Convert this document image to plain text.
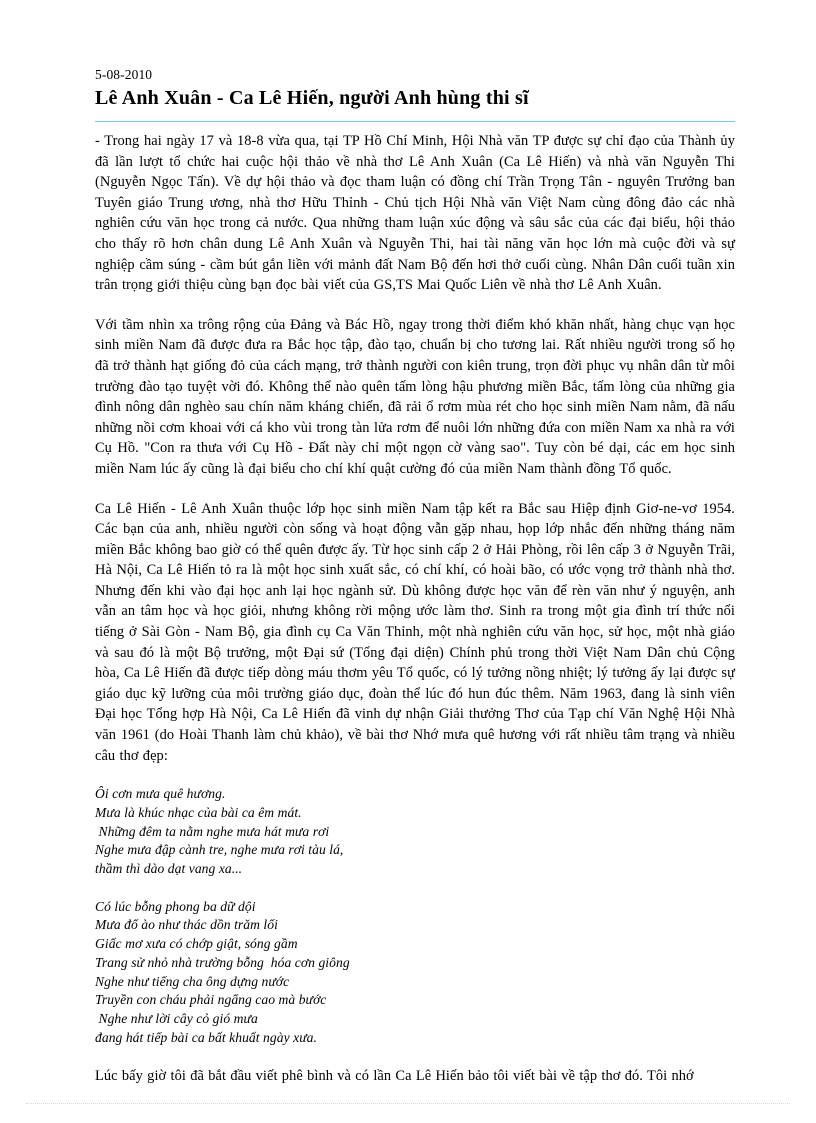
5-08-2010
Lê Anh Xuân - Ca Lê Hiến, người Anh hùng thi sĩ

- Trong hai ngày 17 và 18-8 vừa qua, tại TP Hồ Chí Minh, Hội Nhà văn TP được sự chỉ đạo của Thành ủy đã lần lượt tổ chức hai cuộc hội thảo về nhà thơ Lê Anh Xuân (Ca Lê Hiến) và nhà văn Nguyễn Thi (Nguyễn Ngọc Tấn). Về dự hội thảo và đọc tham luận có đồng chí Trần Trọng Tân - nguyên Trưởng ban Tuyên giáo Trung ương, nhà thơ Hữu Thỉnh - Chủ tịch Hội Nhà văn Việt Nam cùng đông đảo các nhà nghiên cứu văn học trong cả nước. Qua những tham luận xúc động và sâu sắc của các đại biểu, hội thảo cho thấy rõ hơn chân dung Lê Anh Xuân và Nguyễn Thi, hai tài năng văn học lớn mà cuộc đời và sự nghiệp cầm súng - cầm bút gắn liền với mảnh đất Nam Bộ đến hơi thở cuối cùng. Nhân Dân cuối tuần xin trân trọng giới thiệu cùng bạn đọc bài viết của GS,TS Mai Quốc Liên về nhà thơ Lê Anh Xuân.

Với tầm nhìn xa trông rộng của Đảng và Bác Hồ, ngay trong thời điểm khó khăn nhất, hàng chục vạn học sinh miền Nam đã được đưa ra Bắc học tập, đào tạo, chuẩn bị cho tương lai. Rất nhiều người trong số họ đã trở thành hạt giống đỏ của cách mạng, trở thành người con kiên trung, trọn đời phục vụ nhân dân từ môi trường đào tạo tuyệt vời đó. Không thể nào quên tấm lòng hậu phương miền Bắc, tấm lòng của những gia đình nông dân nghèo sau chín năm kháng chiến, đã rải ổ rơm mùa rét cho học sinh miền Nam nằm, đã nấu những nồi cơm khoai với cá kho vùi trong tàn lửa rơm để nuôi lớn những đứa con miền Nam xa nhà ra với Cụ Hồ. "Con ra thưa với Cụ Hồ - Đất này chỉ một ngọn cờ vàng sao". Tuy còn bé dại, các em học sinh miền Nam lúc ấy cũng là đại biểu cho chí khí quật cường đó của miền Nam thành đồng Tổ quốc.

Ca Lê Hiến - Lê Anh Xuân thuộc lớp học sinh miền Nam tập kết ra Bắc sau Hiệp định Giơ-ne-vơ 1954. Các bạn của anh, nhiều người còn sống và hoạt động vẫn gặp nhau, họp lớp nhắc đến những tháng năm miền Bắc không bao giờ có thể quên được ấy. Từ học sinh cấp 2 ở Hải Phòng, rồi lên cấp 3 ở Nguyễn Trãi, Hà Nội, Ca Lê Hiến tỏ ra là một học sinh xuất sắc, có chí khí, có hoài bão, có ước vọng trở thành nhà thơ. Nhưng đến khi vào đại học anh lại học ngành sử. Dù không được học văn để rèn văn như ý nguyện, anh vẫn an tâm học và học giỏi, nhưng không rời mộng ước làm thơ. Sinh ra trong một gia đình trí thức nổi tiếng ở Sài Gòn - Nam Bộ, gia đình cụ Ca Văn Thỉnh, một nhà nghiên cứu văn học, sử học, một nhà giáo và sau đó là một Bộ trưởng, một Đại sứ (Tổng đại diện) Chính phủ trong thời Việt Nam Dân chủ Cộng hòa, Ca Lê Hiến đã được tiếp dòng máu thơm yêu Tổ quốc, có lý tưởng nồng nhiệt; lý tưởng ấy lại được sự giáo dục kỹ lưỡng của môi trường giáo dục, đoàn thể lúc đó hun đúc thêm. Năm 1963, đang là sinh viên Đại học Tổng hợp Hà Nội, Ca Lê Hiến đã vinh dự nhận Giải thưởng Thơ của Tạp chí Văn Nghệ Hội Nhà văn 1961 (do Hoài Thanh làm chủ khảo), về bài thơ Nhớ mưa quê hương với rất nhiều tâm trạng và nhiều câu thơ đẹp:

Ôi cơn mưa quê hương.

Mưa là khúc nhạc của bài ca êm mát.

Những đêm ta nằm nghe mưa hát mưa rơi

Nghe mưa đập cành tre, nghe mưa rơi tàu lá,

thầm thì dào dạt vang xa...

Có lúc bỗng phong ba dữ dội

Mưa đổ ào như thác dồn trăm lối

Giấc mơ xưa có chớp giật, sóng gầm

Trang sử nhỏ nhà trường bỗng  hóa cơn giông

Nghe như tiếng cha ông dựng nước

Truyền con cháu phải ngẩng cao mà bước

Nghe như lời cây cỏ gió mưa

đang hát tiếp bài ca bất khuất ngày xưa.

Lúc bấy giờ tôi đã bắt đầu viết phê bình và có lần Ca Lê Hiến bảo tôi viết bài về tập thơ đó. Tôi nhớ
